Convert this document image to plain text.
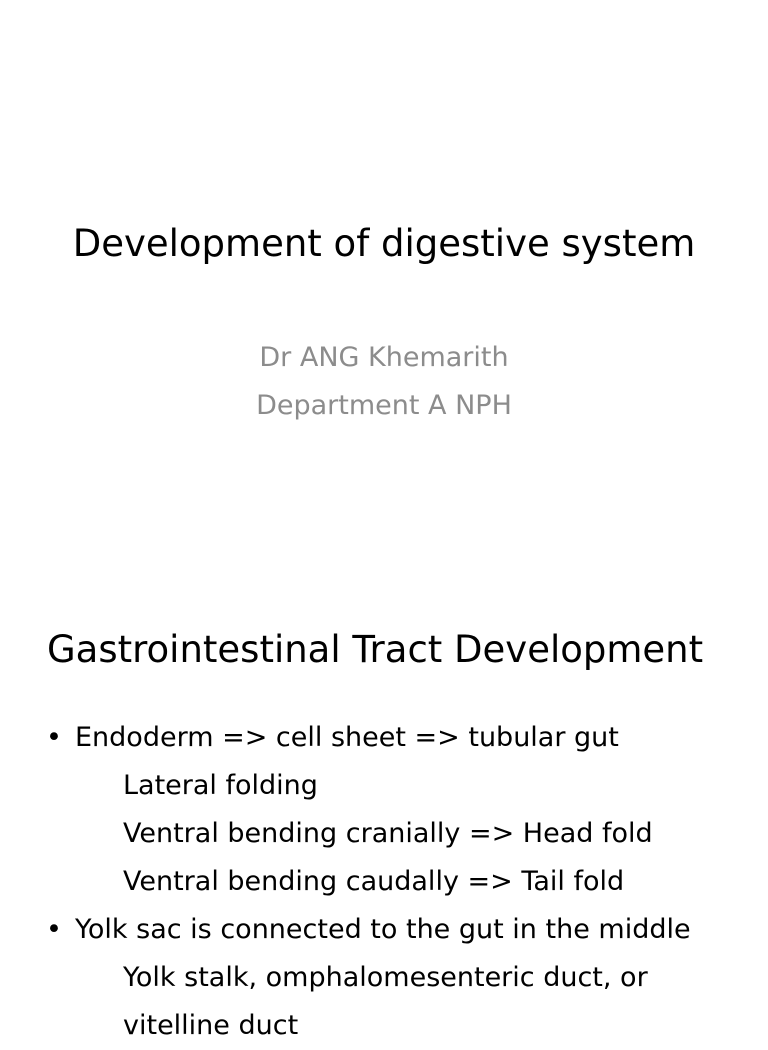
Development of digestive system
Dr ANG Khemarith
Department A NPH
Gastrointestinal Tract Development
• Endoderm => cell sheet => tubular gut
Lateral folding
Ventral bending cranially => Head fold
Ventral bending caudally => Tail fold
• Yolk sac is connected to the gut in the middle
Yolk stalk, omphalomesenteric duct, or
vitelline duct
